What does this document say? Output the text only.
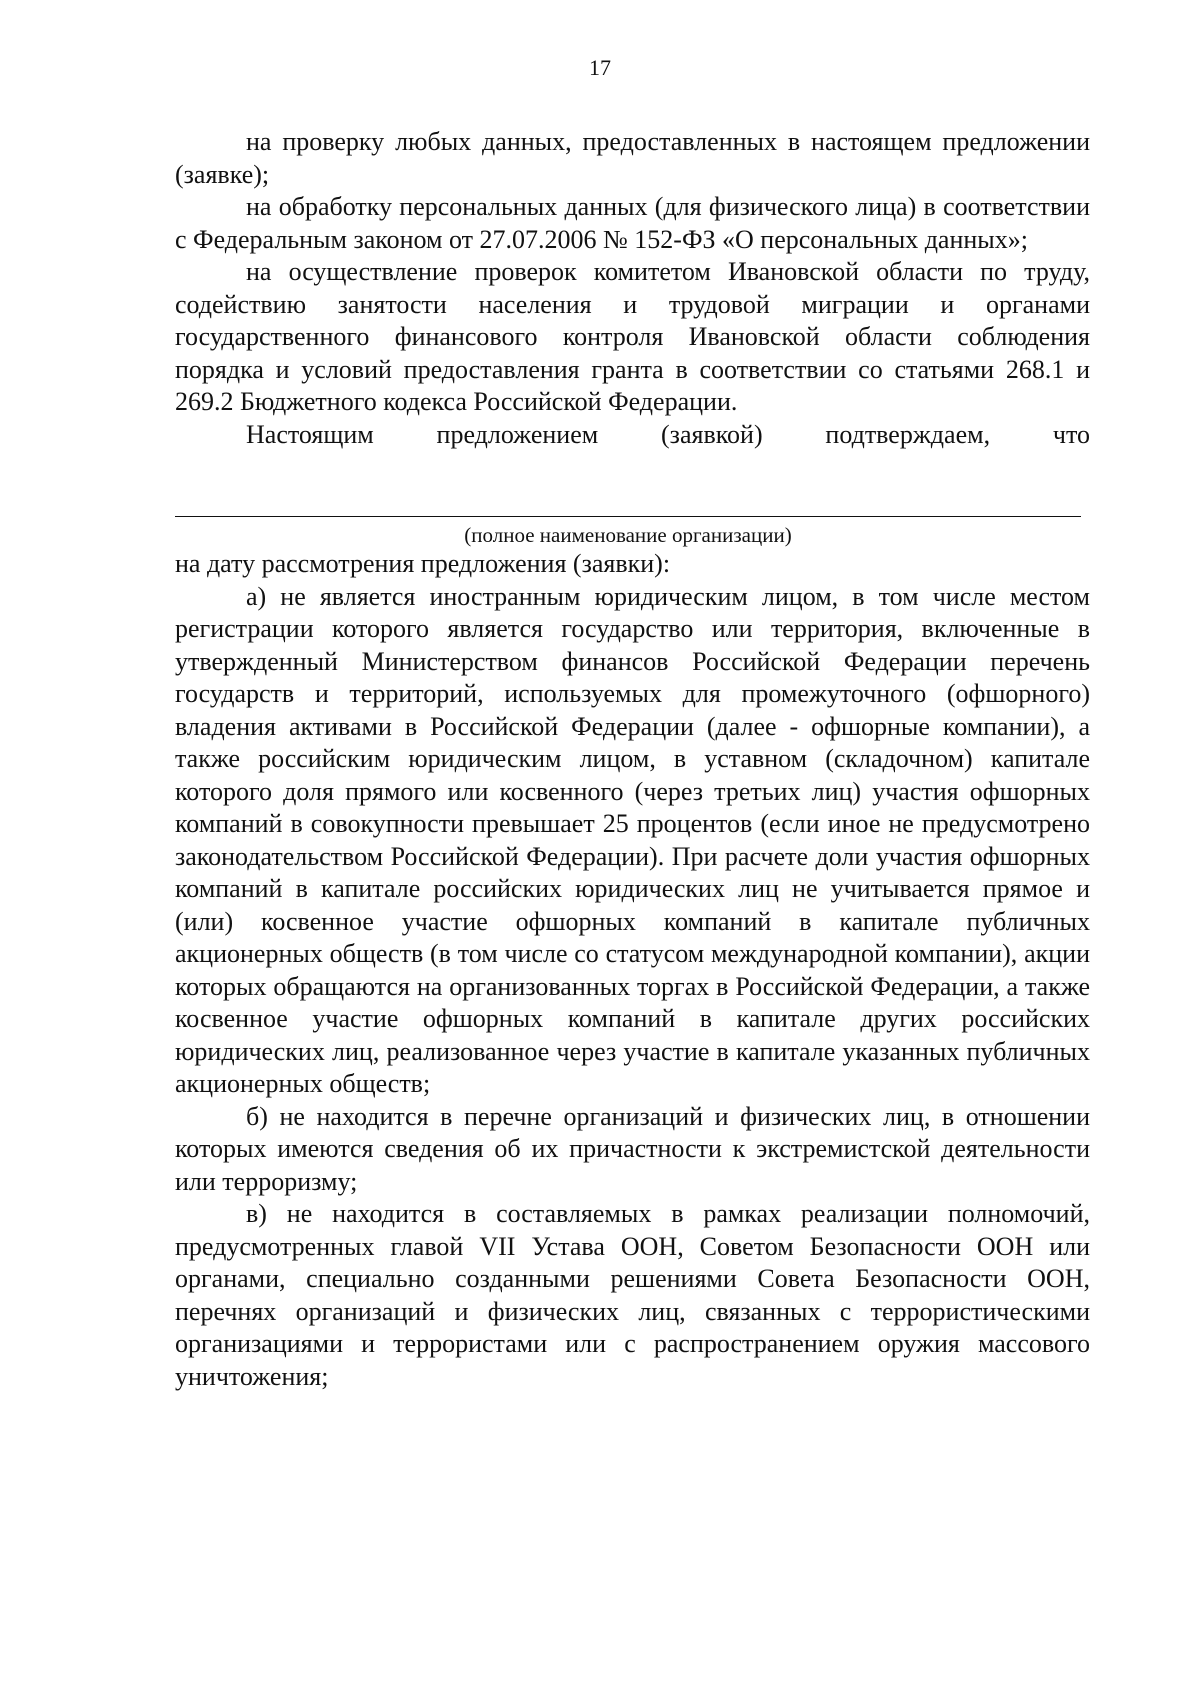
17

на проверку любых данных, предоставленных в настоящем предложении (заявке);

на обработку персональных данных (для физического лица) в соответствии с Федеральным законом от 27.07.2006 № 152-ФЗ «О персональных данных»;

на осуществление проверок комитетом Ивановской области по труду, содействию занятости населения и трудовой миграции и органами государственного финансового контроля Ивановской области соблюдения порядка и условий предоставления гранта в соответствии со статьями 268.1 и 269.2 Бюджетного кодекса Российской Федерации.

Настоящим предложением (заявкой) подтверждаем, что

(полное наименование организации)

на дату рассмотрения предложения (заявки):

а) не является иностранным юридическим лицом, в том числе местом регистрации которого является государство или территория, включенные в утвержденный Министерством финансов Российской Федерации перечень государств и территорий, используемых для промежуточного (офшорного) владения активами в Российской Федерации (далее - офшорные компании), а также российским юридическим лицом, в уставном (складочном) капитале которого доля прямого или косвенного (через третьих лиц) участия офшорных компаний в совокупности превышает 25 процентов (если иное не предусмотрено законодательством Российской Федерации). При расчете доли участия офшорных компаний в капитале российских юридических лиц не учитывается прямое и (или) косвенное участие офшорных компаний в капитале публичных акционерных обществ (в том числе со статусом международной компании), акции которых обращаются на организованных торгах в Российской Федерации, а также косвенное участие офшорных компаний в капитале других российских юридических лиц, реализованное через участие в капитале указанных публичных акционерных обществ;

б) не находится в перечне организаций и физических лиц, в отношении которых имеются сведения об их причастности к экстремистской деятельности или терроризму;

в) не находится в составляемых в рамках реализации полномочий, предусмотренных главой VII Устава ООН, Советом Безопасности ООН или органами, специально созданными решениями Совета Безопасности ООН, перечнях организаций и физических лиц, связанных с террористическими организациями и террористами или с распространением оружия массового уничтожения;
